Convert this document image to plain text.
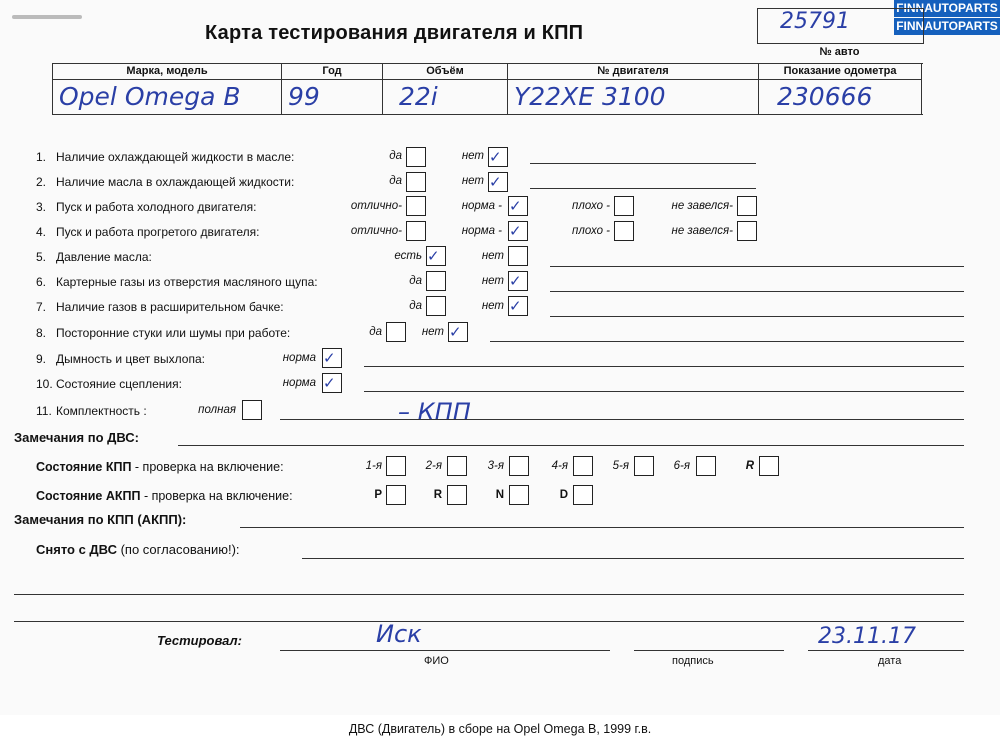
FINNAUTOPARTS
FINNAUTOPARTS
Карта тестирования двигателя и КПП	25791
№ авто
Марка, модель
Opel Omega B
Год
99
Объём
22i
№ двигателя
Y22XE 3100
Показание одометра
230666
1. Наличие охлаждающей жидкости в масле:	да	нет ✓
2. Наличие масла в охлаждающей жидкости:	да	нет ✓
3. Пуск и работа холодного двигателя:	отлично-	норма - ✓	плохо -	не завелся-
4. Пуск и работа прогретого двигателя:	отлично-	норма - ✓	плохо -	не завелся-
5. Давление масла:	есть ✓	нет
6. Картерные газы из отверстия масляного щупа:	да	нет ✓
7. Наличие газов в расширительном бачке:	да	нет ✓
8. Посторонние стуки или шумы при работе:	да	нет ✓
9. Дымность и цвет выхлопа:	норма ✓
10. Состояние сцепления:	норма ✓
11. Комплектность :	полная	– КПП
Замечания по ДВС:
Состояние КПП - проверка на включение:	1-я	2-я	3-я	4-я	5-я	6-я	R
Состояние АКПП - проверка на включение:	P	R	N	D
Замечания по КПП (АКПП):
Снято с ДВС (по согласованию!):
Тестировал:	Иск
ФИО	подпись
23.11.17
дата
ДВС (Двигатель) в сборе на Opel Omega B, 1999 г.в.
